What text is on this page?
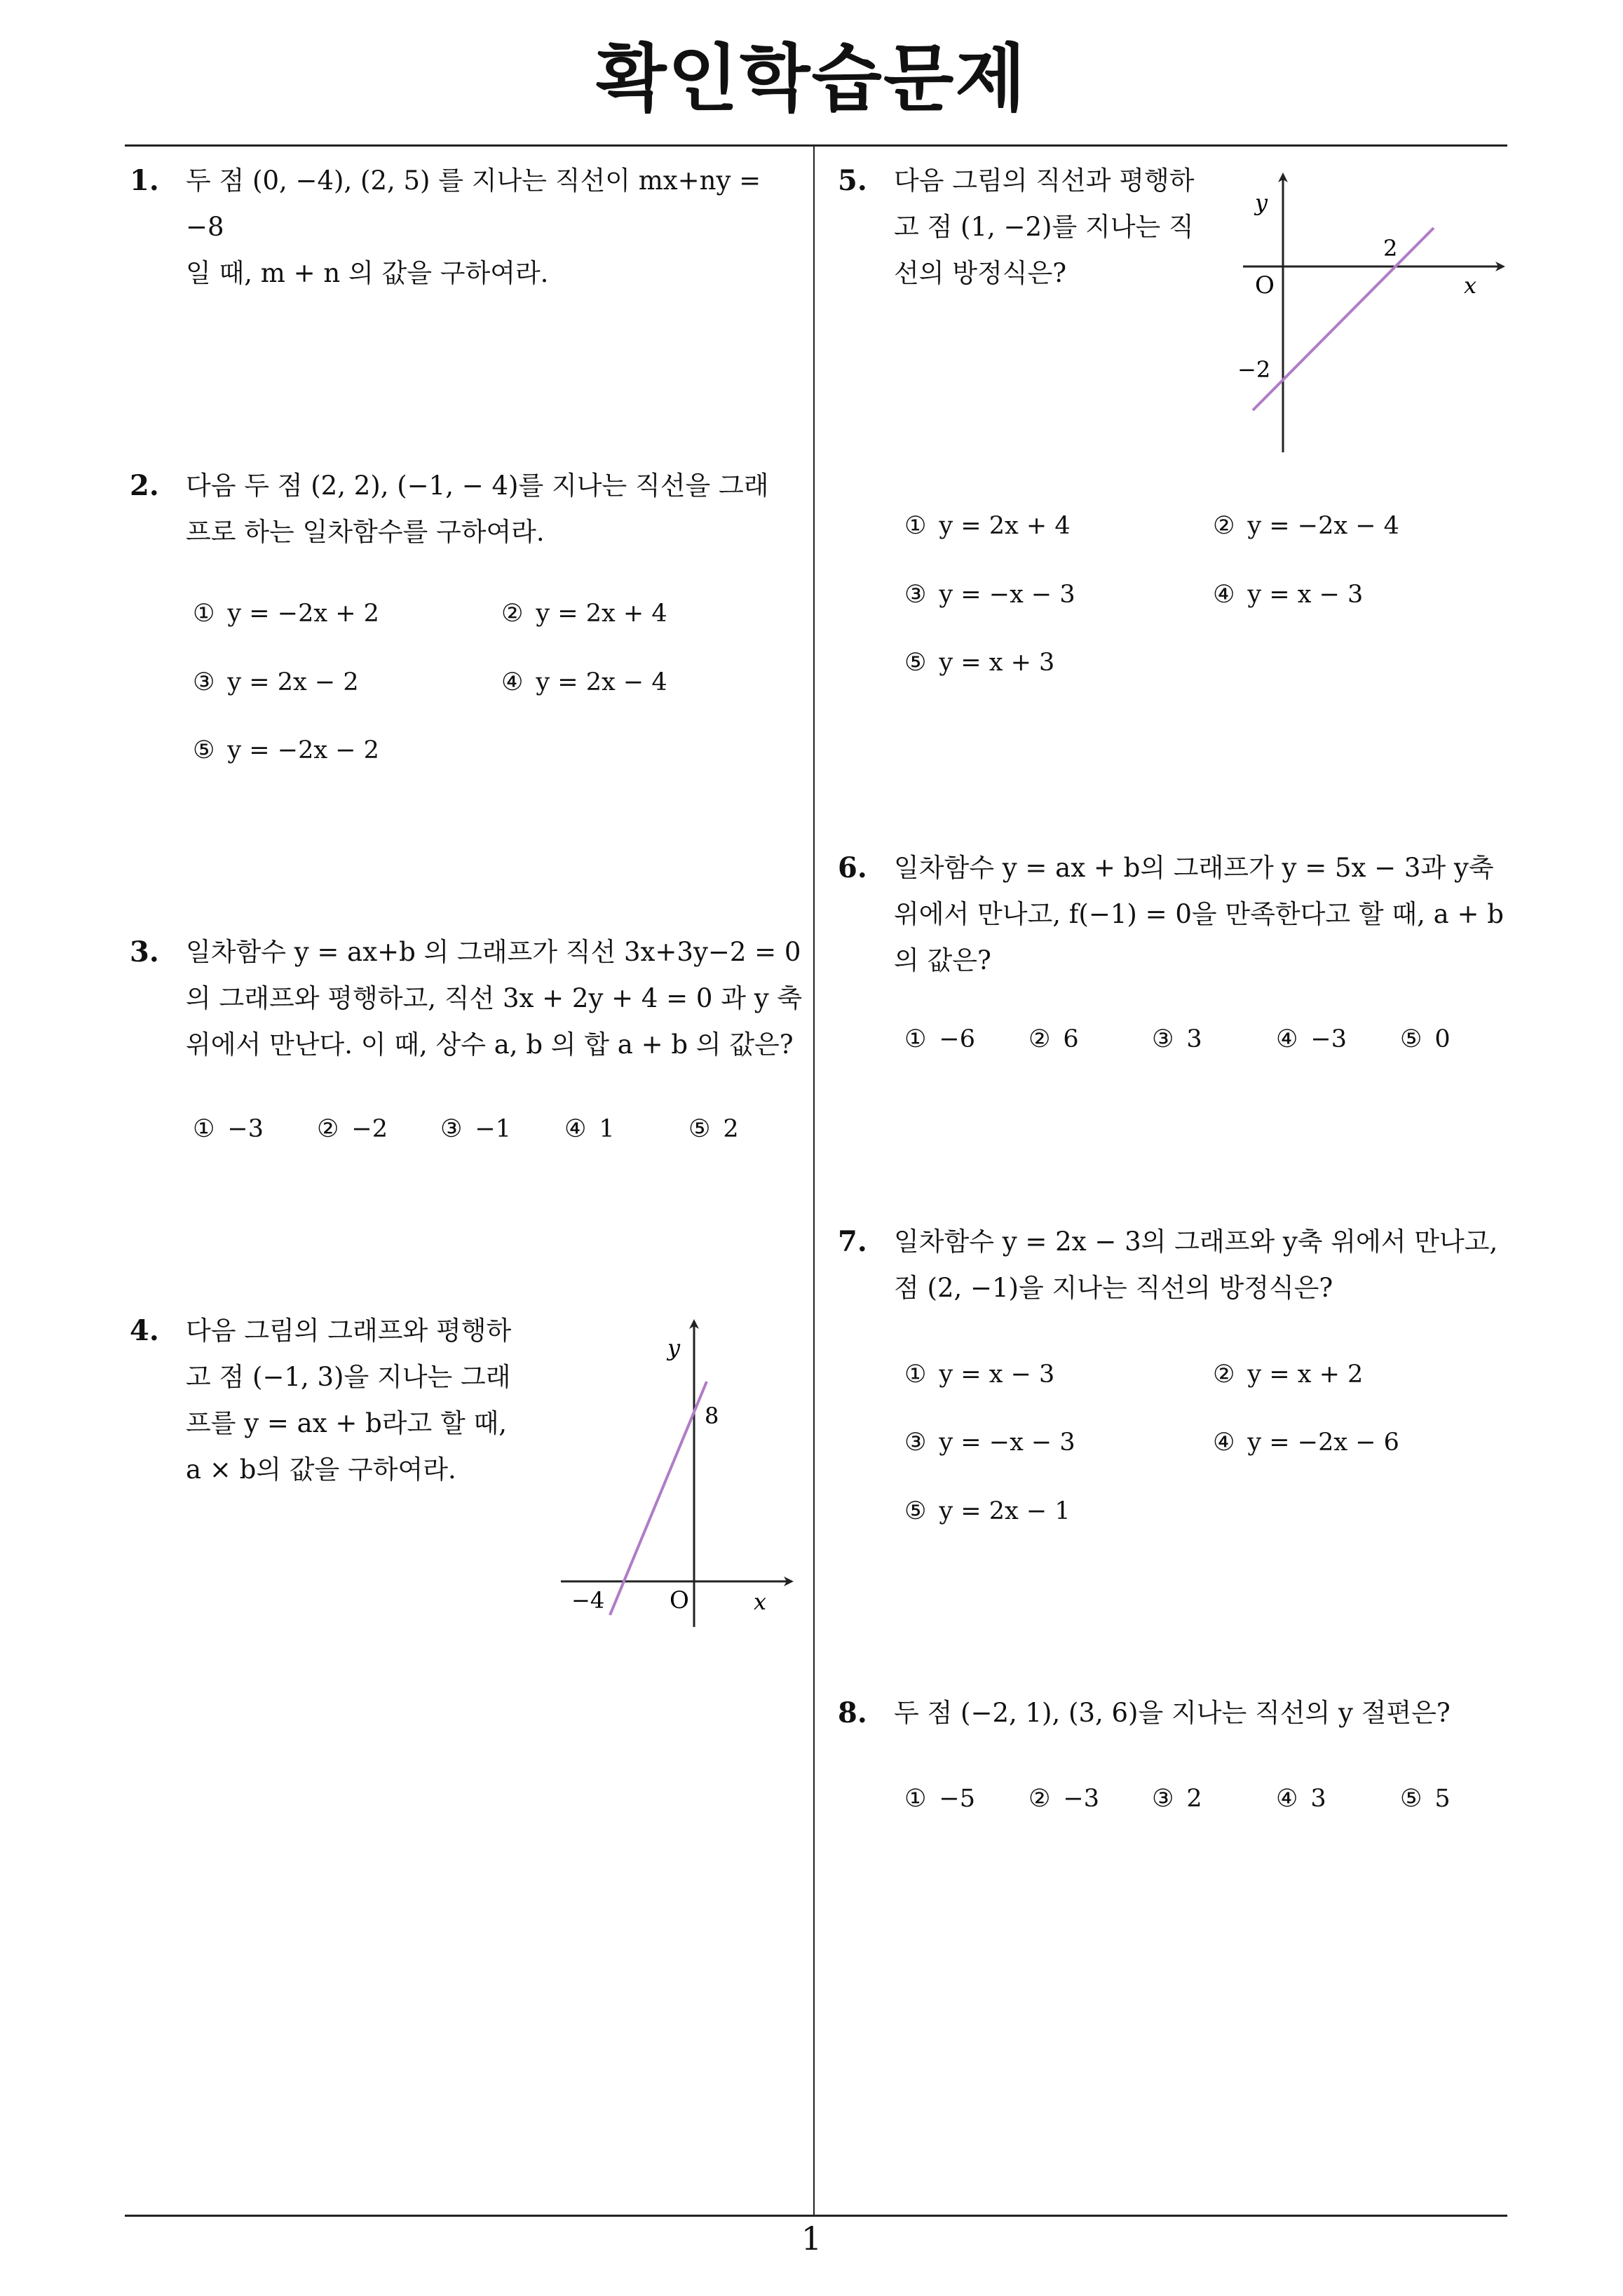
확인학습문제
1. 두 점 (0, −4), (2, 5) 를 지나는 직선이 mx+ny = −8

일 때, m + n 의 값을 구하여라.

2. 다음 두 점 (2, 2), (−1, − 4)를 지나는 직선을 그래

프로 하는 일차함수를 구하여라.

① y = −2x + 2	② y = 2x + 4
③ y = 2x − 2	④ y = 2x − 4
⑤ y = −2x − 2
3. 일차함수 y = ax+b 의 그래프가 직선 3x+3y−2 = 0

의 그래프와 평행하고, 직선 3x + 2y + 4 = 0 과 y 축

위에서 만난다. 이 때, 상수 a, b 의 합 a + b 의 값은?

① −3 ② −2 ③ −1 ④ 1	⑤ 2
4. 다음 그림의 그래프와 평행하

고 점 (−1, 3)을 지나는 그래

프를 y = ax + b라고 할 때,

a × b의 값을 구하여라.

y
8
−4	O	x
5. 다음 그림의 직선과 평행하

고 점 (1, −2)를 지나는 직

선의 방정식은?

y
2
O	x
−2
① y = 2x + 4	② y = −2x − 4
③ y = −x − 3	④ y = x − 3
⑤ y = x + 3
6. 일차함수 y = ax + b의 그래프가 y = 5x − 3과 y축

위에서 만나고, f(−1) = 0을 만족한다고 할 때, a + b

의 값은?

① −6 ② 6	③ 3	④ −3 ⑤ 0
7. 일차함수 y = 2x − 3의 그래프와 y축 위에서 만나고,

점 (2, −1)을 지나는 직선의 방정식은?

① y = x − 3	② y = x + 2
③ y = −x − 3	④ y = −2x − 6
⑤ y = 2x − 1
8. 두 점 (−2, 1), (3, 6)을 지나는 직선의 y 절편은?

① −5 ② −3 ③ 2	④ 3	⑤ 5
1
